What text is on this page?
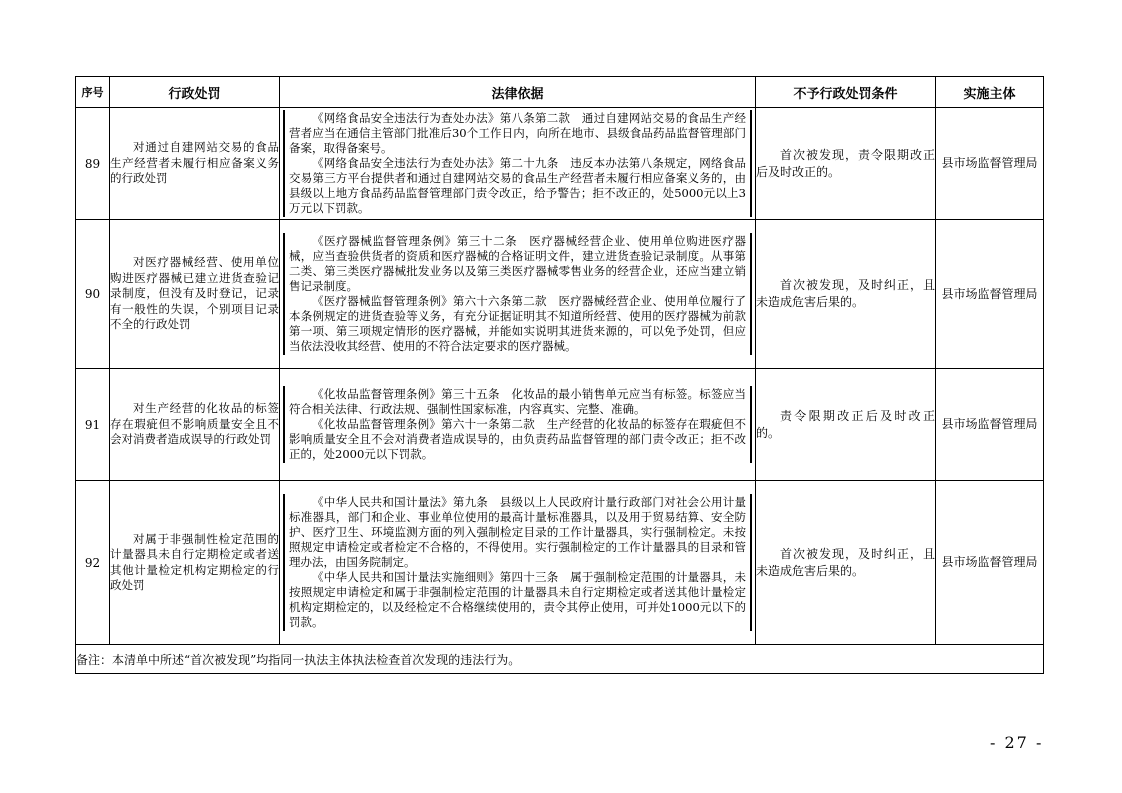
序号	行政处罚	法律依据	不予行政处罚条件	实施主体
89	对通过自建网站交易的食品生产经营者未履行相应备案义务的行政处罚	《网络食品安全违法行为查处办法》第八条第二款　通过自建网站交易的食品生产经营者应当在通信主管部门批准后30个工作日内，向所在地市、县级食品药品监督管理部门备案，取得备案号。

《网络食品安全违法行为查处办法》第二十九条　违反本办法第八条规定，网络食品交易第三方平台提供者和通过自建网站交易的食品生产经营者未履行相应备案义务的，由县级以上地方食品药品监督管理部门责令改正，给予警告；拒不改正的，处5000元以上3万元以下罚款。	首次被发现，责令限期改正后及时改正的。	县市场监督管理局
90	对医疗器械经营、使用单位购进医疗器械已建立进货查验记录制度，但没有及时登记，记录有一般性的失误，个别项目记录不全的行政处罚	《医疗器械监督管理条例》第三十二条　医疗器械经营企业、使用单位购进医疗器械，应当查验供货者的资质和医疗器械的合格证明文件，建立进货查验记录制度。从事第二类、第三类医疗器械批发业务以及第三类医疗器械零售业务的经营企业，还应当建立销售记录制度。

《医疗器械监督管理条例》第六十六条第二款　医疗器械经营企业、使用单位履行了本条例规定的进货查验等义务，有充分证据证明其不知道所经营、使用的医疗器械为前款第一项、第三项规定情形的医疗器械，并能如实说明其进货来源的，可以免予处罚，但应当依法没收其经营、使用的不符合法定要求的医疗器械。	首次被发现，及时纠正，且未造成危害后果的。	县市场监督管理局
91	对生产经营的化妆品的标签存在瑕疵但不影响质量安全且不会对消费者造成误导的行政处罚	《化妆品监督管理条例》第三十五条　化妆品的最小销售单元应当有标签。标签应当符合相关法律、行政法规、强制性国家标准，内容真实、完整、准确。

《化妆品监督管理条例》第六十一条第二款　生产经营的化妆品的标签存在瑕疵但不影响质量安全且不会对消费者造成误导的，由负责药品监督管理的部门责令改正；拒不改正的，处2000元以下罚款。	责令限期改正后及时改正的。	县市场监督管理局
92	对属于非强制性检定范围的计量器具未自行定期检定或者送其他计量检定机构定期检定的行政处罚	《中华人民共和国计量法》第九条　县级以上人民政府计量行政部门对社会公用计量标准器具，部门和企业、事业单位使用的最高计量标准器具，以及用于贸易结算、安全防护、医疗卫生、环境监测方面的列入强制检定目录的工作计量器具，实行强制检定。未按照规定申请检定或者检定不合格的，不得使用。实行强制检定的工作计量器具的目录和管理办法，由国务院制定。

《中华人民共和国计量法实施细则》第四十三条　属于强制检定范围的计量器具，未按照规定申请检定和属于非强制检定范围的计量器具未自行定期检定或者送其他计量检定机构定期检定的，以及经检定不合格继续使用的，责令其停止使用，可并处1000元以下的罚款。	首次被发现，及时纠正，且未造成危害后果的。	县市场监督管理局
备注：本清单中所述“首次被发现”均指同一执法主体执法检查首次发现的违法行为。				
- 27 -
